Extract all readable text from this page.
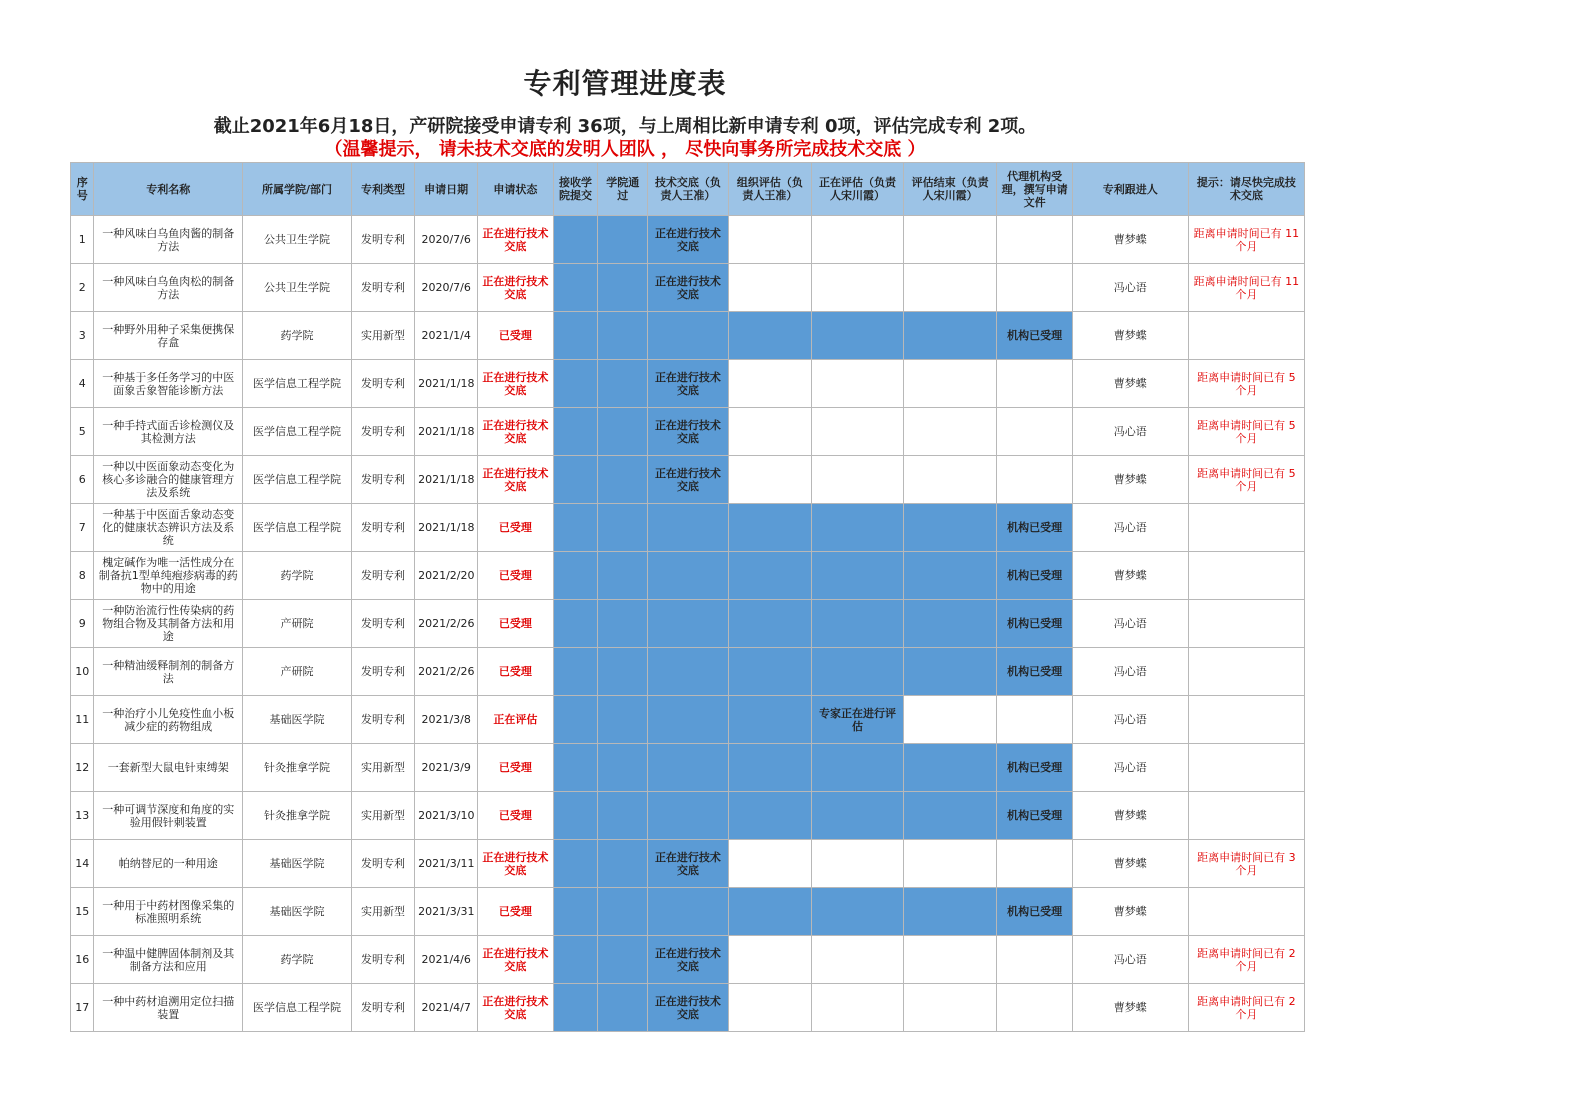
专利管理进度表
截止2021年6月18日，产研院接受申请专利 36项，与上周相比新申请专利 0项，评估完成专利 2项。
（温馨提示， 请未技术交底的发明人团队 ， 尽快向事务所完成技术交底 ）
序号	专利名称	所属学院/部门	专利类型	申请日期	申请状态	接收学院提交	学院通过	技术交底（负责人王准）	组织评估（负责人王准）	正在评估（负责人宋川霞）	评估结束（负责人宋川霞）	代理机构受理，撰写申请文件	专利跟进人	提示：请尽快完成技术交底
1	一种风味白乌鱼肉酱的制备方法	公共卫生学院	发明专利	2020/7/6	正在进行技术交底			正在进行技术交底					曹梦蝶	距离申请时间已有 11个月
2	一种风味白乌鱼肉松的制备方法	公共卫生学院	发明专利	2020/7/6	正在进行技术交底			正在进行技术交底					冯心语	距离申请时间已有 11个月
3	一种野外用种子采集便携保存盒	药学院	实用新型	2021/1/4	已受理							机构已受理	曹梦蝶	
4	一种基于多任务学习的中医面象舌象智能诊断方法	医学信息工程学院	发明专利	2021/1/18	正在进行技术交底			正在进行技术交底					曹梦蝶	距离申请时间已有 5个月
5	一种手持式面舌诊检测仪及其检测方法	医学信息工程学院	发明专利	2021/1/18	正在进行技术交底			正在进行技术交底					冯心语	距离申请时间已有 5个月
6	一种以中医面象动态变化为核心多诊融合的健康管理方法及系统	医学信息工程学院	发明专利	2021/1/18	正在进行技术交底			正在进行技术交底					曹梦蝶	距离申请时间已有 5个月
7	一种基于中医面舌象动态变化的健康状态辨识方法及系统	医学信息工程学院	发明专利	2021/1/18	已受理							机构已受理	冯心语	
8	槐定碱作为唯一活性成分在制备抗1型单纯疱疹病毒的药物中的用途	药学院	发明专利	2021/2/20	已受理							机构已受理	曹梦蝶	
9	一种防治流行性传染病的药物组合物及其制备方法和用途	产研院	发明专利	2021/2/26	已受理							机构已受理	冯心语	
10	一种精油缓释制剂的制备方法	产研院	发明专利	2021/2/26	已受理							机构已受理	冯心语	
11	一种治疗小儿免疫性血小板减少症的药物组成	基础医学院	发明专利	2021/3/8	正在评估					专家正在进行评估			冯心语	
12	一套新型大鼠电针束缚架	针灸推拿学院	实用新型	2021/3/9	已受理							机构已受理	冯心语	
13	一种可调节深度和角度的实验用假针刺装置	针灸推拿学院	实用新型	2021/3/10	已受理							机构已受理	曹梦蝶	
14	帕纳替尼的一种用途	基础医学院	发明专利	2021/3/11	正在进行技术交底			正在进行技术交底					曹梦蝶	距离申请时间已有 3个月
15	一种用于中药材图像采集的标准照明系统	基础医学院	实用新型	2021/3/31	已受理							机构已受理	曹梦蝶	
16	一种温中健脾固体制剂及其制备方法和应用	药学院	发明专利	2021/4/6	正在进行技术交底			正在进行技术交底					冯心语	距离申请时间已有 2个月
17	一种中药材追溯用定位扫描装置	医学信息工程学院	发明专利	2021/4/7	正在进行技术交底			正在进行技术交底					曹梦蝶	距离申请时间已有 2个月
